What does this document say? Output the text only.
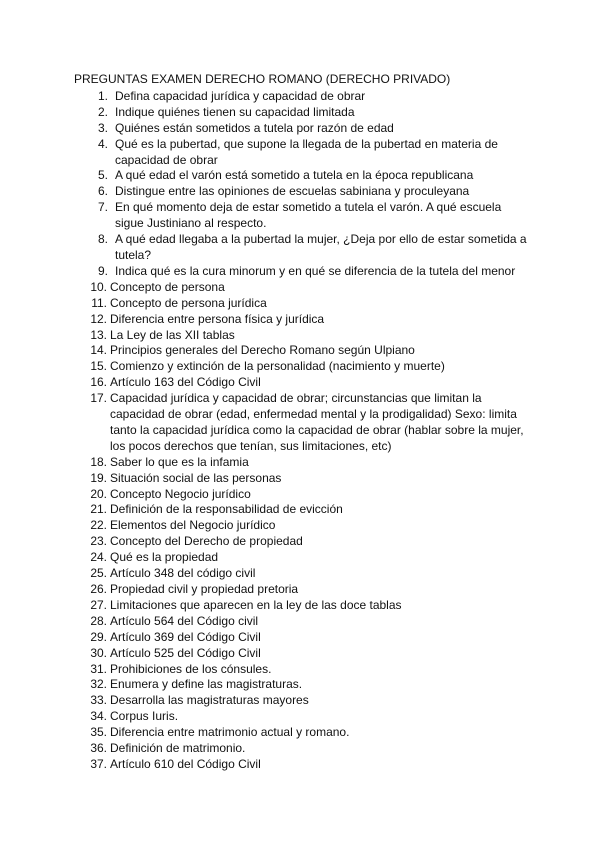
PREGUNTAS EXAMEN DERECHO ROMANO (DERECHO PRIVADO)
1. Defina capacidad jurídica y capacidad de obrar
2. Indique quiénes tienen su capacidad limitada
3. Quiénes están sometidos a tutela por razón de edad
4. Qué es la pubertad, que supone la llegada de la pubertad en materia de capacidad de obrar
5. A qué edad el varón está sometido a tutela en la época republicana
6. Distingue entre las opiniones de escuelas sabiniana y proculeyana
7. En qué momento deja de estar sometido a tutela el varón. A qué escuela sigue Justiniano al respecto.
8. A qué edad llegaba a la pubertad la mujer, ¿Deja por ello de estar sometida a tutela?
9. Indica qué es la cura minorum y en qué se diferencia de la tutela del menor
10. Concepto de persona
11. Concepto de persona jurídica
12. Diferencia entre persona física y jurídica
13. La Ley de las XII tablas
14. Principios generales del Derecho Romano según Ulpiano
15. Comienzo y extinción de la personalidad (nacimiento y muerte)
16. Artículo 163 del Código Civil
17. Capacidad jurídica y capacidad de obrar; circunstancias que limitan la capacidad de obrar (edad, enfermedad mental y la prodigalidad) Sexo: limita tanto la capacidad jurídica como la capacidad de obrar (hablar sobre la mujer, los pocos derechos que tenían, sus limitaciones, etc)
18. Saber lo que es la infamia
19. Situación social de las personas
20. Concepto Negocio jurídico
21. Definición de la responsabilidad de evicción
22. Elementos del Negocio jurídico
23. Concepto del Derecho de propiedad
24. Qué es la propiedad
25. Artículo 348 del código civil
26. Propiedad civil y propiedad pretoria
27. Limitaciones que aparecen en la ley de las doce tablas
28. Artículo 564 del Código civil
29. Artículo 369 del Código Civil
30. Artículo 525 del Código Civil
31. Prohibiciones de los cónsules.
32. Enumera y define las magistraturas.
33. Desarrolla las magistraturas mayores
34. Corpus Iuris.
35. Diferencia entre matrimonio actual y romano.
36. Definición de matrimonio.
37. Artículo 610 del Código Civil
